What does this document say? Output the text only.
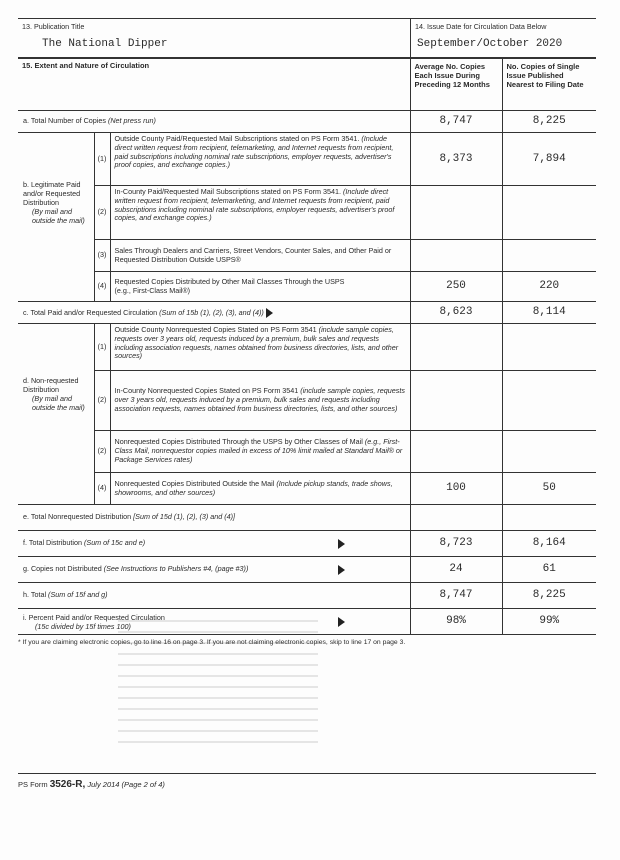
13. Publication Title
The National Dipper
14. Issue Date for Circulation Data Below
September/October 2020
15. Extent and Nature of Circulation			Average No. Copies Each Issue During Preceding 12 Months	No. Copies of Single Issue Published Nearest to Filing Date
a. Total Number of Copies (Net press run)			8,747	8,225

b. Legitimate Paid and/or Requested Distribution
(By mail and outside the mail)	(1)	Outside County Paid/Requested Mail Subscriptions stated on PS Form 3541. (Include direct written request from recipient, telemarketing, and Internet requests from recipient, paid subscriptions including nominal rate subscriptions, employer requests, advertiser's proof copies, and exchange copies.)	8,373	7,894
	(2)	In-County Paid/Requested Mail Subscriptions stated on PS Form 3541. (Include direct written request from recipient, telemarketing, and Internet requests from recipient, paid subscriptions including nominal rate subscriptions, employer requests, advertiser's proof copies, and exchange copies.)		
	(3)	Sales Through Dealers and Carriers, Street Vendors, Counter Sales, and Other Paid or Requested Distribution Outside USPS®		
	(4)	Requested Copies Distributed by Other Mail Classes Through the USPS
(e.g., First-Class Mail®)	250	220
c. Total Paid and/or Requested Circulation (Sum of 15b (1), (2), (3), and (4))			8,623	8,114

d. Non-requested Distribution
(By mail and outside the mail)	(1)	Outside County Nonrequested Copies Stated on PS Form 3541 (include sample copies, requests over 3 years old, requests induced by a premium, bulk sales and requests including association requests, names obtained from business directories, lists, and other sources)		
	(2)	In-County Nonrequested Copies Stated on PS Form 3541 (include sample copies, requests over 3 years old, requests induced by a premium, bulk sales and requests including association requests, names obtained from business directories, lists, and other sources)		
	(2)	Nonrequested Copies Distributed Through the USPS by Other Classes of Mail (e.g., First-Class Mail, nonrequestor copies mailed in excess of 10% limit mailed at Standard Mail® or Package Services rates)		
	(4)	Nonrequested Copies Distributed Outside the Mail (Include pickup stands, trade shows, showrooms, and other sources)	100	50
e. Total Nonrequested Distribution [Sum of 15d (1), (2), (3) and (4)]				
f. Total Distribution (Sum of 15c and e)			8,723	8,164
g. Copies not Distributed (See Instructions to Publishers #4, (page #3))			24	61
h. Total (Sum of 15f and g)			8,747	8,225

i. Percent Paid and/or Requested Circulation
(15c divided by 15f times 100)			98%	99%
* If you are claiming electronic copies, go to line 16 on page 3. If you are not claiming electronic copies, skip to line 17 on page 3.
PS Form 3526-R, July 2014 (Page 2 of 4)
